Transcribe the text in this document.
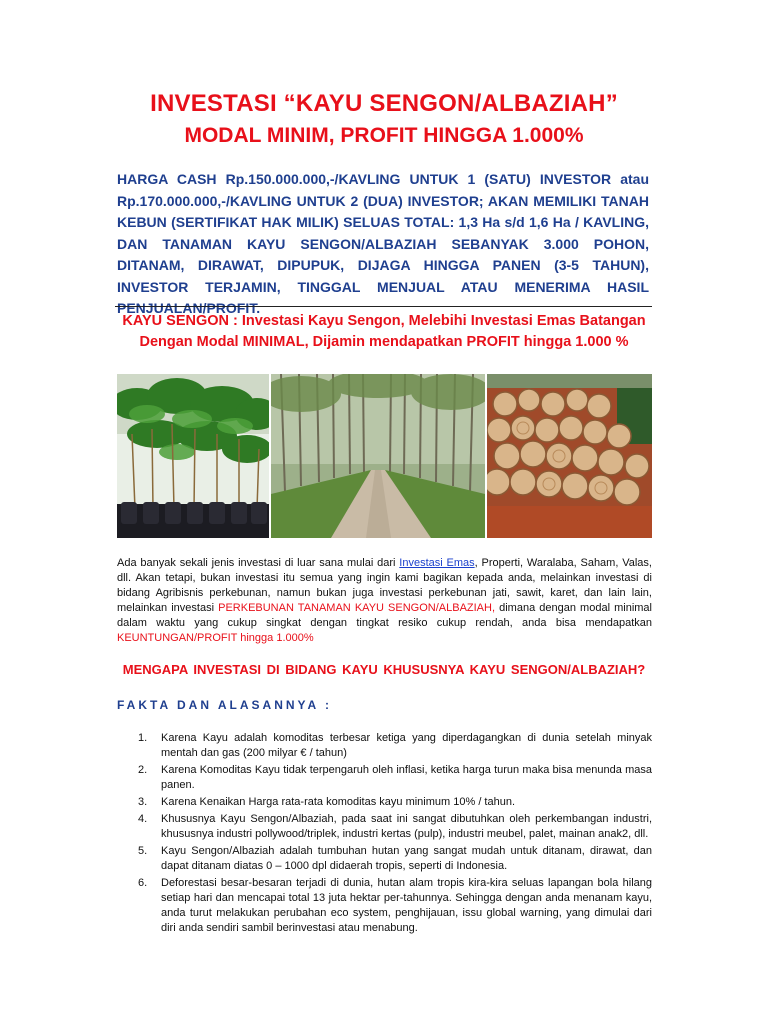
INVESTASI “KAYU SENGON/ALBAZIAH”
MODAL MINIM, PROFIT HINGGA 1.000%
HARGA CASH Rp.150.000.000,-/KAVLING UNTUK 1 (SATU) INVESTOR atau Rp.170.000.000,-/KAVLING UNTUK 2 (DUA) INVESTOR; AKAN MEMILIKI TANAH KEBUN (SERTIFIKAT HAK MILIK) SELUAS TOTAL: 1,3 Ha s/d 1,6 Ha / KAVLING, DAN TANAMAN KAYU SENGON/ALBAZIAH SEBANYAK 3.000 POHON, DITANAM, DIRAWAT, DIPUPUK, DIJAGA HINGGA PANEN (3-5 TAHUN), INVESTOR TERJAMIN, TINGGAL MENJUAL ATAU MENERIMA HASIL PENJUALAN/PROFIT.
KAYU SENGON : Investasi Kayu Sengon, Melebihi Investasi Emas Batangan
Dengan Modal MINIMAL, Dijamin mendapatkan PROFIT hingga 1.000 %
Ada banyak sekali jenis investasi di luar sana mulai dari Investasi Emas, Properti, Waralaba, Saham, Valas, dll. Akan tetapi, bukan investasi itu semua yang ingin kami bagikan kepada anda, melainkan investasi di bidang Agribisnis perkebunan, namun bukan juga investasi perkebunan jati, sawit, karet, dan lain lain, melainkan investasi PERKEBUNAN TANAMAN KAYU SENGON/ALBAZIAH, dimana dengan modal minimal dalam waktu yang cukup singkat dengan tingkat resiko cukup rendah, anda bisa mendapatkan KEUNTUNGAN/PROFIT hingga 1.000%
MENGAPA INVESTASI DI BIDANG KAYU KHUSUSNYA KAYU SENGON/ALBAZIAH?
FAKTA DAN ALASANNYA :
1. Karena Kayu adalah komoditas terbesar ketiga yang diperdagangkan di dunia setelah minyak mentah dan gas (200 milyar € / tahun)
2. Karena Komoditas Kayu tidak terpengaruh oleh inflasi, ketika harga turun maka bisa menunda masa panen.
3. Karena Kenaikan Harga rata-rata komoditas kayu minimum 10% / tahun.
4. Khususnya Kayu Sengon/Albaziah, pada saat ini sangat dibutuhkan oleh perkembangan industri, khususnya industri pollywood/triplek, industri kertas (pulp), industri meubel, palet, mainan anak2, dll.
5. Kayu Sengon/Albaziah adalah tumbuhan hutan yang sangat mudah untuk ditanam, dirawat, dan dapat ditanam diatas 0 – 1000 dpl didaerah tropis, seperti di Indonesia.
6. Deforestasi besar-besaran terjadi di dunia, hutan alam tropis kira-kira seluas lapangan bola hilang setiap hari dan mencapai total 13 juta hektar per-tahunnya. Sehingga dengan anda menanam kayu, anda turut melakukan perubahan eco system, penghijauan, issu global warning, yang dimulai dari diri anda sendiri sambil berinvestasi atau menabung.
